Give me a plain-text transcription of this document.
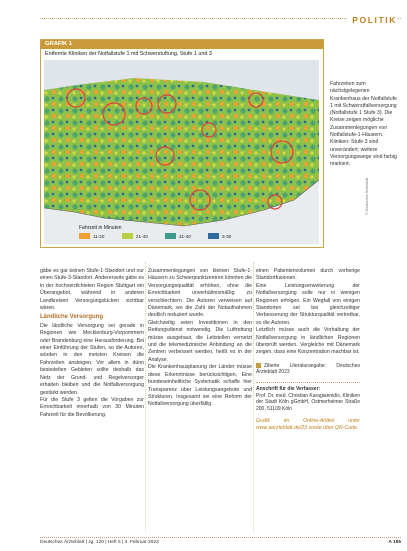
POLITIK
GRAFIK 1
Entfernte Kliniken der Notfallstufe 1 mit Schwerstuftung, Stufe 1 und 3
© Deutsches Ärzteblatt
Fahrzeit in Minuten
11-20	21-40	31-40	3-30
Fahrzeiten zum nächstgelegenen Krankenhaus der Notfallstufe 1 mit Schwerstfallversorgung (Notfallstufe 1 Stufe 3). Die Kreise zeigen mögliche Zusammenlegungen von Notfallstufe-1-Häusern. Kliniken: Stufe 3 sind unverändert; weitere Versorgungswege sind farbig markiert.

gäbe es gar keinen Stufe-1-Standort und nur einen Stufe-3-Standort. Andererseits gäbe es in der hochverdichteten Region Stuttgart ein Überangebot, während in anderen Landkreisen Versorgungslücken sichtbar wären.

Ländliche Versorgung

Die ländliche Versorgung sei gerade in Regionen wie Mecklenburg-Vorpommern oder Brandenburg eine Herausforderung. Bei einer Einführung der Stufen, so die Autoren, würden in den meisten Kreisen die Fahrzeiten ansteigen. Vor allem in dünn besiedelten Gebieten sollte deshalb das Netz der Grund- und Regelversorger erhalten bleiben und die Notfallversorgung gestärkt werden.

Für die Stufe 3 gelten die Vorgaben zur Erreichbarkeit innerhalb von 30 Minuten Fahrzeit für die Bevölkerung.

Zusammenlegungen von kleinen Stufe-1-Häusern zu Schwerpunktzentren könnten die Versorgungsqualität erhöhen, ohne die Erreichbarkeit unverhältnismäßig zu verschlechtern. Die Autoren verweisen auf Dänemark, wo die Zahl der Notaufnahmen deutlich reduziert wurde.

Gleichzeitig seien Investitionen in den Rettungsdienst notwendig. Die Luftrettung müsse ausgebaut, die Leitstellen vernetzt und die telemedizinische Anbindung an die Zentren verbessert werden, heißt es in der Analyse.

Die Krankenhausplanung der Länder müsse diese Erkenntnisse berücksichtigen. Eine bundeseinheitliche Systematik schaffe hier Transparenz über Leistungsangebote und Strukturen. Insgesamt sei eine Reform der Notfallversorgung überfällig.

einen Patientenvolumen durch vorherige Standortfusionen.

Eine Leistungserweiterung der Notfallversorgung solle nur in wenigen Regionen erfolgen. Ein Wegfall von einigen Standorten sei bei gleichzeitiger Verbesserung der Strukturqualität vertretbar, so die Autoren.

Letztlich müsse auch die Vorhaltung der Notfallversorgung in ländlichen Regionen überprüft werden. Vergleiche mit Dänemark zeigen, dass eine Konzentration machbar ist.

Zitierte Literaturangabe: Deutsches Ärzteblatt 2023
Anschrift für die Verfasser:
Prof. Dr. med. Christian Karagiannidis, Kliniken der Stadt Köln gGmbH, Ostmerheimer Straße 200, 51109 Köln
Grafik im Online-Artikel unter www.aerzteblatt.de/23 sowie über QR-Code.
Deutsches Ärzteblatt | Jg. 120 | Heft 5 | 3. Februar 2023	A 195
